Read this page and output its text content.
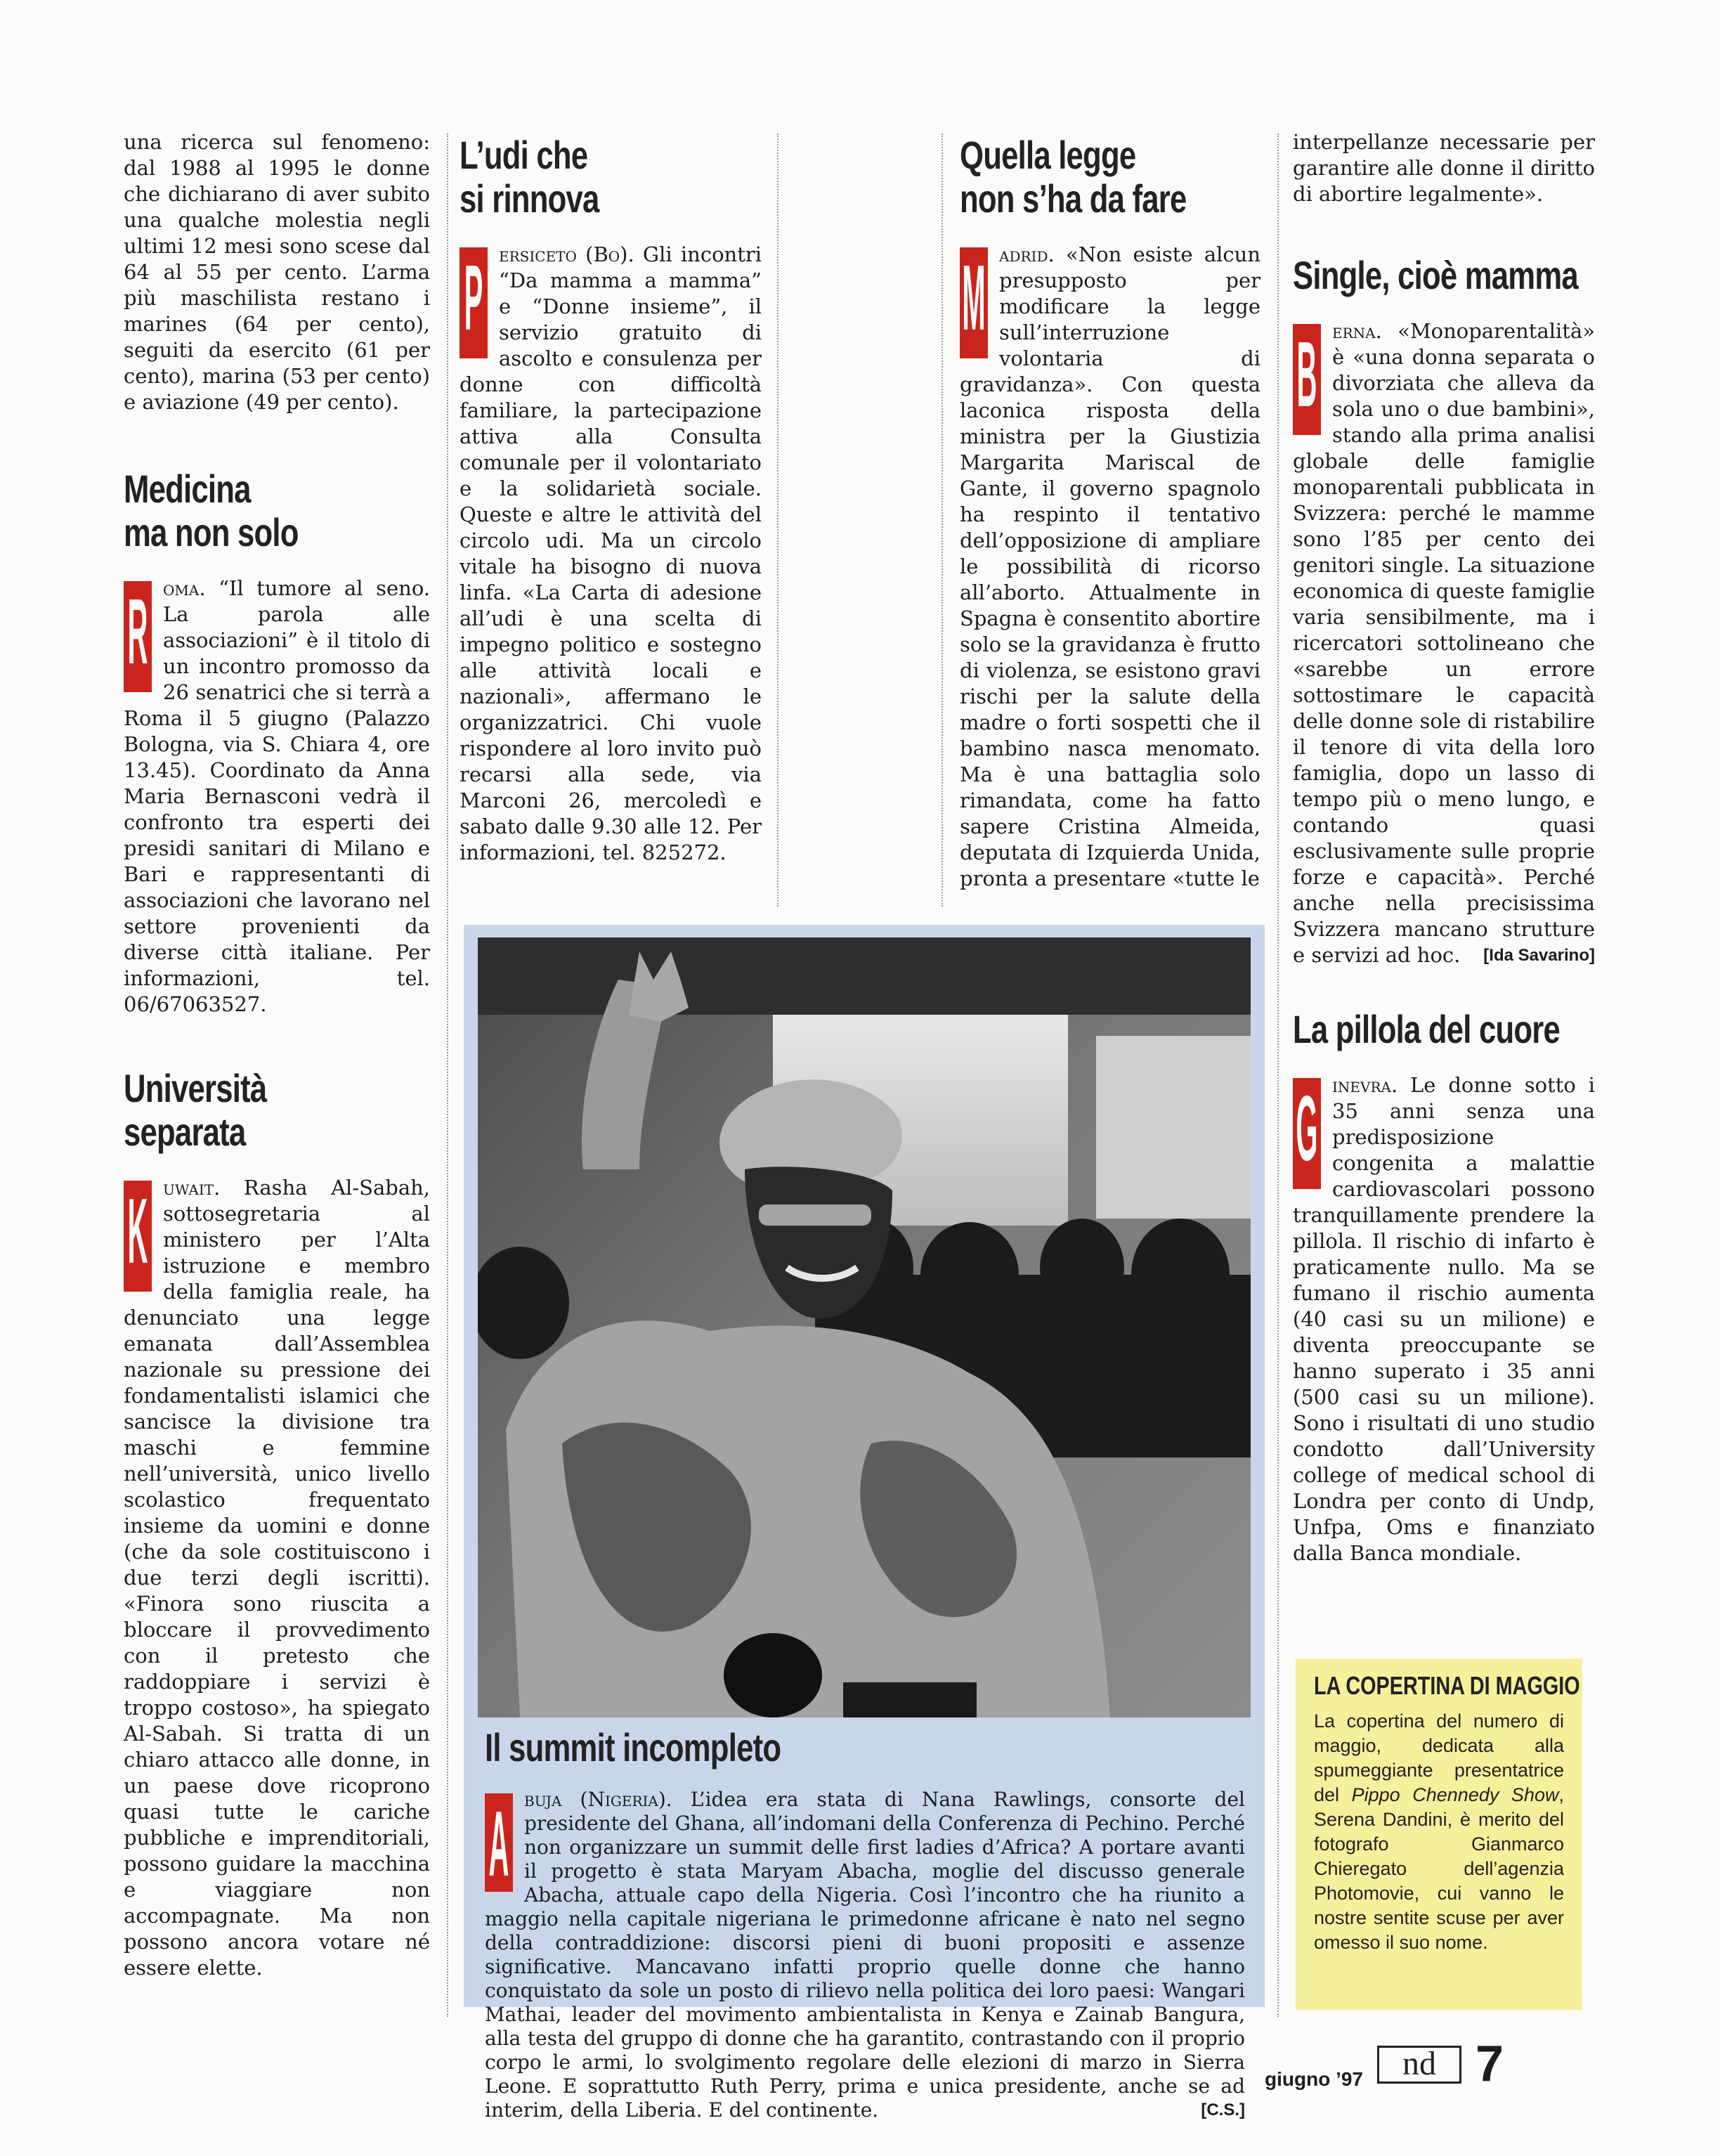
una ricerca sul fenomeno: dal 1988 al 1995 le donne che dichiarano di aver subito una qualche molestia negli ultimi 12 mesi sono scese dal 64 al 55 per cento. L’arma più maschilista restano i marines (64 per cento), seguiti da esercito (61 per cento), marina (53 per cento) e aviazione (49 per cento).

Medicina
ma non solo

R oma. “Il tumore al seno. La parola alle associazioni” è il titolo di un incontro promosso da 26 senatrici che si terrà a Roma il 5 giugno (Palazzo Bologna, via S. Chiara 4, ore 13.45). Coordinato da Anna Maria Bernasconi vedrà il confronto tra esperti dei presidi sanitari di Milano e Bari e rappresentanti di associazioni che lavorano nel settore provenienti da diverse città italiane. Per informazioni, tel. 06/67063527.

Università
separata

K uwait. Rasha Al-Sabah, sottosegretaria al ministero per l’Alta istruzione e membro della famiglia reale, ha denunciato una legge emanata dall’Assemblea nazionale su pressione dei fondamentalisti islamici che sancisce la divisione tra maschi e femmine nell’università, unico livello scolastico frequentato insieme da uomini e donne (che da sole costituiscono i due terzi degli iscritti). «Finora sono riuscita a bloccare il provvedimento con il pretesto che raddoppiare i servizi è troppo costoso», ha spiegato Al-Sabah. Si tratta di un chiaro attacco alle donne, in un paese dove ricoprono quasi tutte le cariche pubbliche e imprenditoriali, possono guidare la macchina e viaggiare non accompagnate. Ma non possono ancora votare né essere elette.

L’udi che
si rinnova

P ersiceto (Bo). Gli incontri “Da mamma a mamma” e “Donne insieme”, il servizio gratuito di ascolto e consulenza per donne con difficoltà familiare, la partecipazione attiva alla Consulta comunale per il volontariato e la solidarietà sociale. Queste e altre le attività del circolo udi. Ma un circolo vitale ha bisogno di nuova linfa. «La Carta di adesione all’udi è una scelta di impegno politico e sostegno alle attività locali e nazionali», affermano le organizzatrici. Chi vuole rispondere al loro invito può recarsi alla sede, via Marconi 26, mercoledì e sabato dalle 9.30 alle 12. Per informazioni, tel. 825272.

Quella legge
non s’ha da fare

M adrid. «Non esiste alcun presupposto per modificare la legge sull’interruzione volontaria di gravidanza». Con questa laconica risposta della ministra per la Giustizia Margarita Mariscal de Gante, il governo spagnolo ha respinto il tentativo dell’opposizione di ampliare le possibilità di ricorso all’aborto. Attualmente in Spagna è consentito abortire solo se la gravidanza è frutto di violenza, se esistono gravi rischi per la salute della madre o forti sospetti che il bambino nasca menomato. Ma è una battaglia solo rimandata, come ha fatto sapere Cristina Almeida, deputata di Izquierda Unida, pronta a presentare «tutte le

interpellanze necessarie per garantire alle donne il diritto di abortire legalmente».

Single, cioè mamma

B erna. «Monoparentalità» è «una donna separata o divorziata che alleva da sola uno o due bambini», stando alla prima analisi globale delle famiglie monoparentali pubblicata in Svizzera: perché le mamme sono l’85 per cento dei genitori single. La situazione economica di queste famiglie varia sensibilmente, ma i ricercatori sottolineano che «sarebbe un errore sottostimare le capacità delle donne sole di ristabilire il tenore di vita della loro famiglia, dopo un lasso di tempo più o meno lungo, e contando quasi esclusivamente sulle proprie forze e capacità». Perché anche nella precisissima Svizzera mancano strutture e servizi ad hoc. [Ida Savarino]

La pillola del cuore

G inevra. Le donne sotto i 35 anni senza una predisposizione congenita a malattie cardiovascolari possono tranquillamente prendere la pillola. Il rischio di infarto è praticamente nullo. Ma se fumano il rischio aumenta (40 casi su un milione) e diventa preoccupante se hanno superato i 35 anni (500 casi su un milione). Sono i risultati di uno studio condotto dall’University college of medical school di Londra per conto di Undp, Unfpa, Oms e finanziato dalla Banca mondiale.

Il summit incompleto

A buja (Nigeria). L’idea era stata di Nana Rawlings, consorte del presidente del Ghana, all’indomani della Conferenza di Pechino. Perché non organizzare un summit delle first ladies d’Africa? A portare avanti il progetto è stata Maryam Abacha, moglie del discusso generale Abacha, attuale capo della Nigeria. Così l’incontro che ha riunito a maggio nella capitale nigeriana le primedonne africane è nato nel segno della contraddizione: discorsi pieni di buoni propositi e assenze significative. Mancavano infatti proprio quelle donne che hanno conquistato da sole un posto di rilievo nella politica dei loro paesi: Wangari Mathai, leader del movimento ambientalista in Kenya e Zainab Bangura, alla testa del gruppo di donne che ha garantito, contrastando con il proprio corpo le armi, lo svolgimento regolare delle elezioni di marzo in Sierra Leone. E soprattutto Ruth Perry, prima e unica presidente, anche se ad interim, della Liberia. E del continente.	[C.S.]

LA COPERTINA DI MAGGIO

La copertina del numero di maggio, dedicata alla spumeggiante presentatrice del Pippo Chennedy Show, Serena Dandini, è merito del fotografo Gianmarco Chieregato dell’agenzia Photomovie, cui vanno le nostre sentite scuse per aver omesso il suo nome.

giugno ’97	nd 7
